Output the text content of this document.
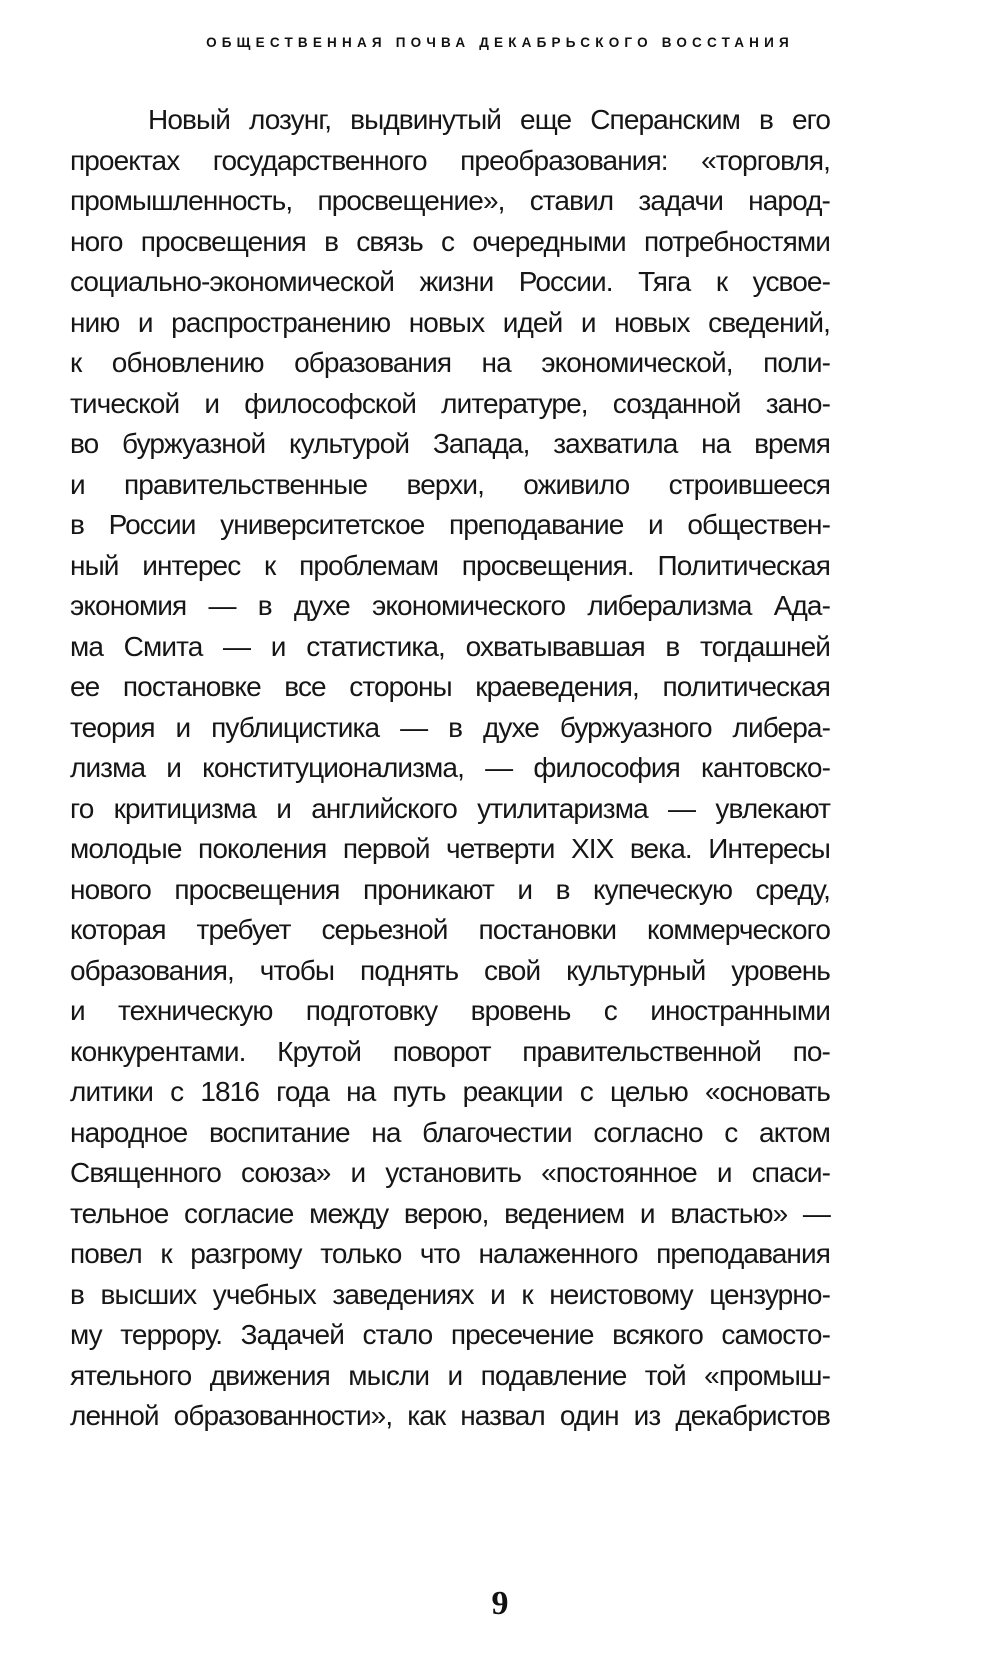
ОБЩЕСТВЕННАЯ ПОЧВА ДЕКАБРЬСКОГО ВОССТАНИЯ
Новый лозунг, выдвинутый еще Сперанским в его
проектах государственного преобразования: «торговля,
промышленность, просвещение», ставил задачи народ-
ного просвещения в связь с очередными потребностями
социально-экономической жизни России. Тяга к усвое-
нию и распространению новых идей и новых сведений,
к обновлению образования на экономической, поли-
тической и философской литературе, созданной зано-
во буржуазной культурой Запада, захватила на время
и правительственные верхи, оживило строившееся
в России университетское преподавание и обществен-
ный интерес к проблемам просвещения. Политическая
экономия — в духе экономического либерализма Ада-
ма Смита — и статистика, охватывавшая в тогдашней
ее постановке все стороны краеведения, политическая
теория и публицистика — в духе буржуазного либера-
лизма и конституционализма, — философия кантовско-
го критицизма и английского утилитаризма — увлекают
молодые поколения первой четверти XIX века. Интересы
нового просвещения проникают и в купеческую среду,
которая требует серьезной постановки коммерческого
образования, чтобы поднять свой культурный уровень
и техническую подготовку вровень с иностранными
конкурентами. Крутой поворот правительственной по-
литики с 1816 года на путь реакции с целью «основать
народное воспитание на благочестии согласно с актом
Священного союза» и установить «постоянное и спаси-
тельное согласие между верою, ведением и властью» —
повел к разгрому только что налаженного преподавания
в высших учебных заведениях и к неистовому цензурно-
му террору. Задачей стало пресечение всякого самосто-
ятельного движения мысли и подавление той «промыш-
ленной образованности», как назвал один из декабристов
9
